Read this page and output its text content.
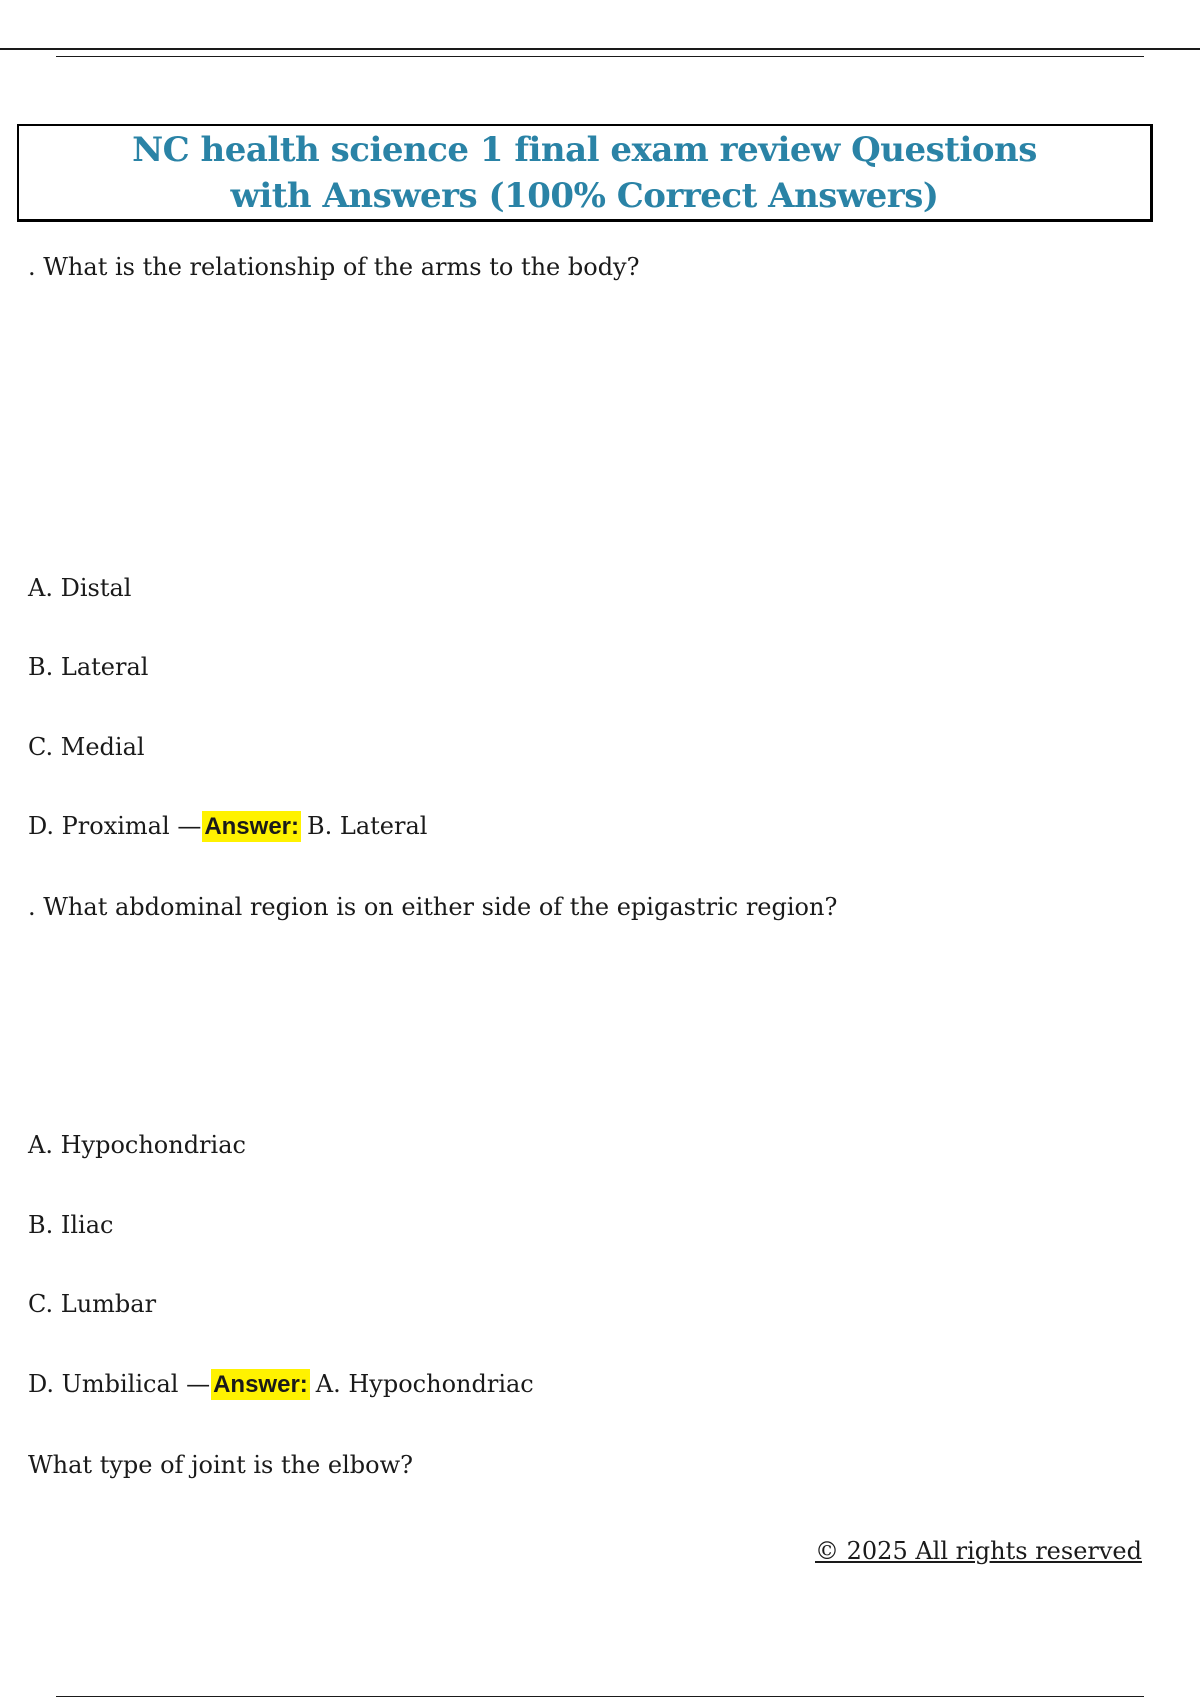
NC health science 1 final exam review Questions with Answers (100% Correct Answers)

. What is the relationship of the arms to the body?

A. Distal

B. Lateral

C. Medial

D. Proximal — Answer: B. Lateral

. What abdominal region is on either side of the epigastric region?

A. Hypochondriac

B. Iliac

C. Lumbar

D. Umbilical — Answer: A. Hypochondriac

What type of joint is the elbow?

© 2025 All rights reserved
